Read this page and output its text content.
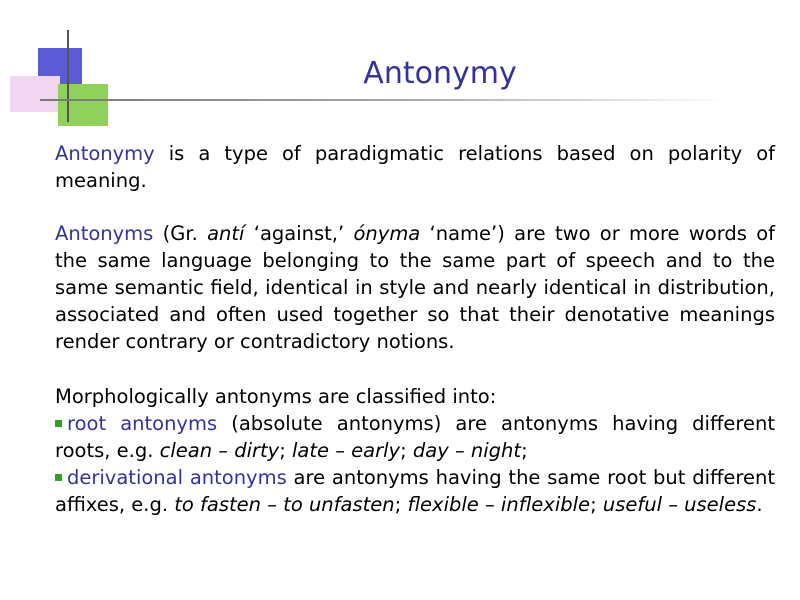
Antonymy

Antonymy is a type of paradigmatic relations based on polarity of meaning.

Antonyms (Gr. antí ‘against,’ ónyma ‘name’) are two or more words of the same language belonging to the same part of speech and to the same semantic field, identical in style and nearly identical in distribution, associated and often used together so that their denotative meanings render contrary or contradictory notions.

Morphologically antonyms are classified into:

root antonyms (absolute antonyms) are antonyms having different roots, e.g. clean – dirty; late – early; day – night;

derivational antonyms are antonyms having the same root but different affixes, e.g. to fasten – to unfasten; flexible – inflexible; useful – useless.
